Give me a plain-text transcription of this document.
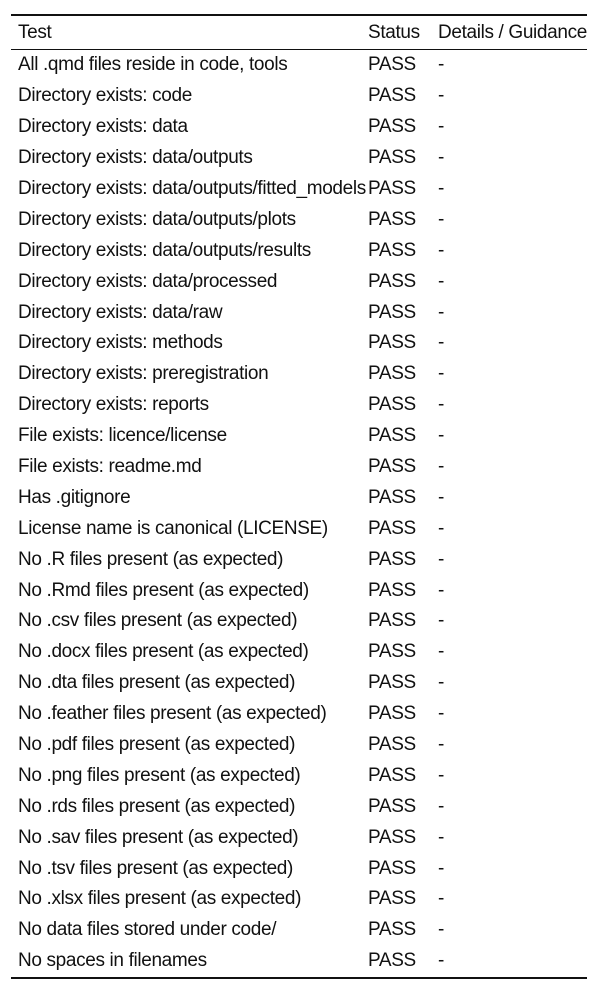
Test	Status	Details / Guidance
All .qmd files reside in code, tools	PASS	-
Directory exists: code	PASS	-
Directory exists: data	PASS	-
Directory exists: data/outputs	PASS	-
Directory exists: data/outputs/fitted_models	PASS	-
Directory exists: data/outputs/plots	PASS	-
Directory exists: data/outputs/results	PASS	-
Directory exists: data/processed	PASS	-
Directory exists: data/raw	PASS	-
Directory exists: methods	PASS	-
Directory exists: preregistration	PASS	-
Directory exists: reports	PASS	-
File exists: licence/license	PASS	-
File exists: readme.md	PASS	-
Has .gitignore	PASS	-
License name is canonical (LICENSE)	PASS	-
No .R files present (as expected)	PASS	-
No .Rmd files present (as expected)	PASS	-
No .csv files present (as expected)	PASS	-
No .docx files present (as expected)	PASS	-
No .dta files present (as expected)	PASS	-
No .feather files present (as expected)	PASS	-
No .pdf files present (as expected)	PASS	-
No .png files present (as expected)	PASS	-
No .rds files present (as expected)	PASS	-
No .sav files present (as expected)	PASS	-
No .tsv files present (as expected)	PASS	-
No .xlsx files present (as expected)	PASS	-
No data files stored under code/	PASS	-
No spaces in filenames	PASS	-
